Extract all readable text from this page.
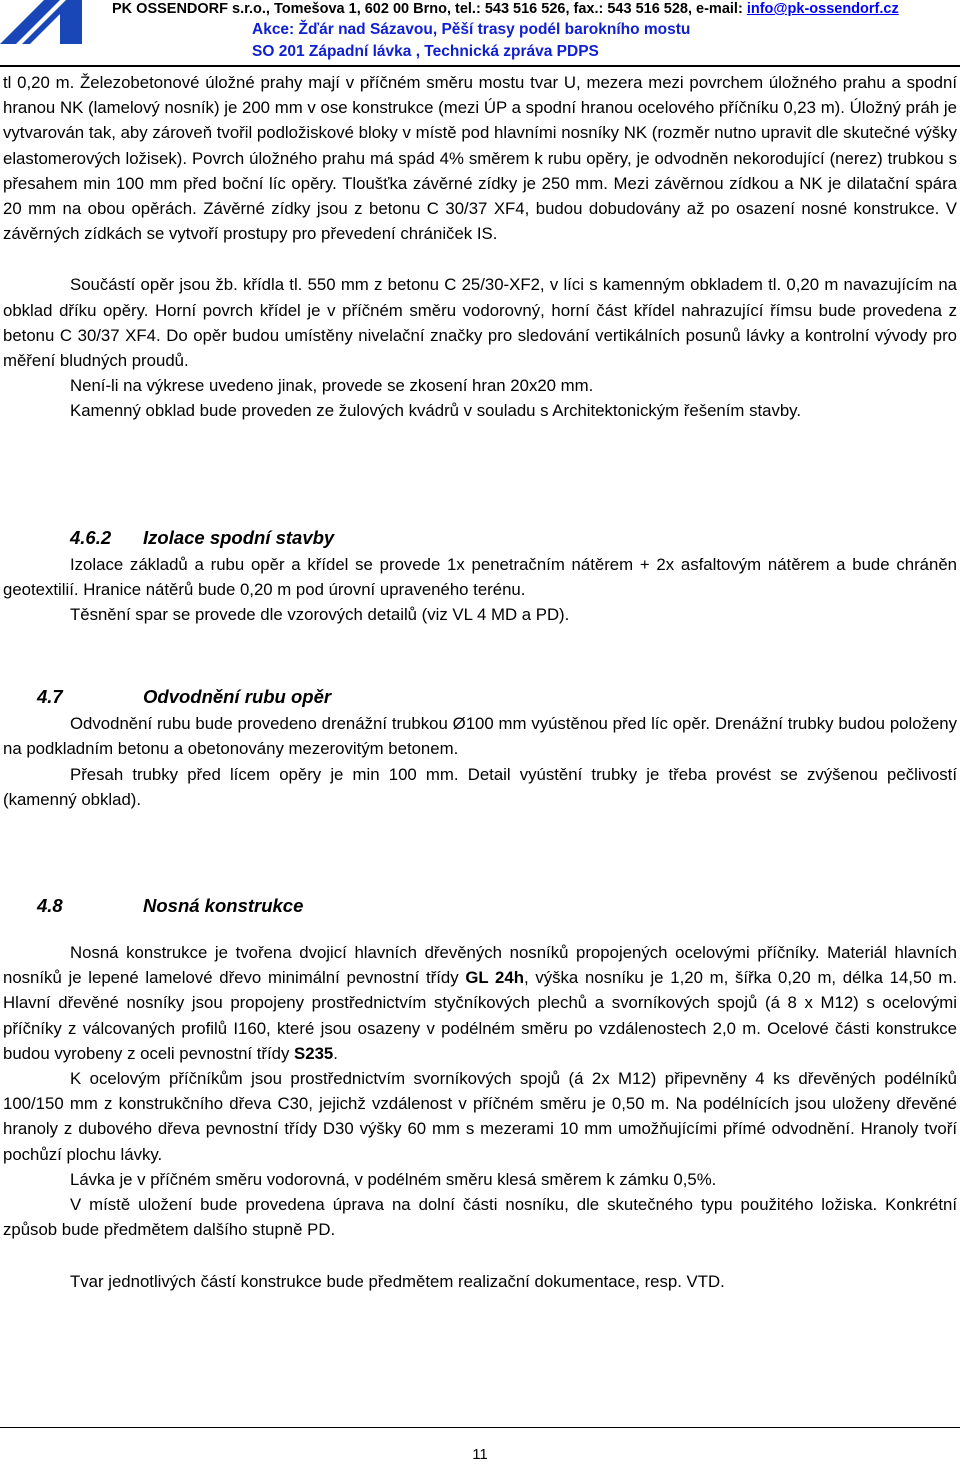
PK OSSENDORF s.r.o., Tomešova 1, 602 00 Brno, tel.: 543 516 526, fax.: 543 516 528, e-mail: info@pk-ossendorf.cz
Akce: Žďár nad Sázavou, Pěší trasy podél barokního mostu
SO 201 Západní lávka , Technická zpráva PDPS

tl 0,20 m. Železobetonové úložné prahy mají v příčném směru mostu tvar U, mezera mezi povrchem úložného prahu a spodní hranou NK (lamelový nosník) je 200 mm v ose konstrukce (mezi ÚP a spodní hranou ocelového příčníku 0,23 m). Úložný práh je vytvarován tak, aby zároveň tvořil podložiskové bloky v místě pod hlavními nosníky NK (rozměr nutno upravit dle skutečné výšky elastomerových ložisek). Povrch úložného prahu má spád 4% směrem k rubu opěry, je odvodněn nekorodující (nerez) trubkou s přesahem min 100 mm před boční líc opěry. Tloušťka závěrné zídky je 250 mm. Mezi závěrnou zídkou a NK je dilatační spára 20 mm na obou opěrách. Závěrné zídky jsou z betonu C 30/37 XF4, budou dobudovány až po osazení nosné konstrukce. V závěrných zídkách se vytvoří prostupy pro převedení chrániček IS.

Součástí opěr jsou žb. křídla tl. 550 mm z betonu C 25/30-XF2, v líci s kamenným obkladem tl. 0,20 m navazujícím na obklad dříku opěry. Horní povrch křídel je v příčném směru vodorovný, horní část křídel nahrazující římsu bude provedena z betonu C 30/37 XF4. Do opěr budou umístěny nivelační značky pro sledování vertikálních posunů lávky a kontrolní vývody pro měření bludných proudů.

Není-li na výkrese uvedeno jinak, provede se zkosení hran 20x20 mm.

Kamenný obklad bude proveden ze žulových kvádrů v souladu s Architektonickým řešením stavby.

4.6.2 Izolace spodní stavby

Izolace základů a rubu opěr a křídel se provede 1x penetračním nátěrem + 2x asfaltovým nátěrem a bude chráněn geotextilií. Hranice nátěrů bude 0,20 m pod úrovní upraveného terénu.

Těsnění spar se provede dle vzorových detailů (viz VL 4 MD a PD).

4.7	Odvodnění rubu opěr

Odvodnění rubu bude provedeno drenážní trubkou Ø100 mm vyústěnou před líc opěr. Drenážní trubky budou položeny na podkladním betonu a obetonovány mezerovitým betonem.

Přesah trubky před lícem opěry je min 100 mm. Detail vyústění trubky je třeba provést se zvýšenou pečlivostí (kamenný obklad).

4.8	Nosná konstrukce

Nosná konstrukce je tvořena dvojicí hlavních dřevěných nosníků propojených ocelovými příčníky. Materiál hlavních nosníků je lepené lamelové dřevo minimální pevnostní třídy GL 24h, výška nosníku je 1,20 m, šířka 0,20 m, délka 14,50 m. Hlavní dřevěné nosníky jsou propojeny prostřednictvím styčníkových plechů a svorníkových spojů (á 8 x M12) s ocelovými příčníky z válcovaných profilů I160, které jsou osazeny v podélném směru po vzdálenostech 2,0 m. Ocelové části konstrukce budou vyrobeny z oceli pevnostní třídy S235.

K ocelovým příčníkům jsou prostřednictvím svorníkových spojů (á 2x M12) připevněny 4 ks dřevěných podélníků 100/150 mm z konstrukčního dřeva C30, jejichž vzdálenost v příčném směru je 0,50 m. Na podélnících jsou uloženy dřevěné hranoly z dubového dřeva pevnostní třídy D30 výšky 60 mm s mezerami 10 mm umožňujícími přímé odvodnění. Hranoly tvoří pochůzí plochu lávky.

Lávka je v příčném směru vodorovná, v podélném směru klesá směrem k zámku 0,5%.

V místě uložení bude provedena úprava na dolní části nosníku, dle skutečného typu použitého ložiska. Konkrétní způsob bude předmětem dalšího stupně PD.

Tvar jednotlivých částí konstrukce bude předmětem realizační dokumentace, resp. VTD.

11
